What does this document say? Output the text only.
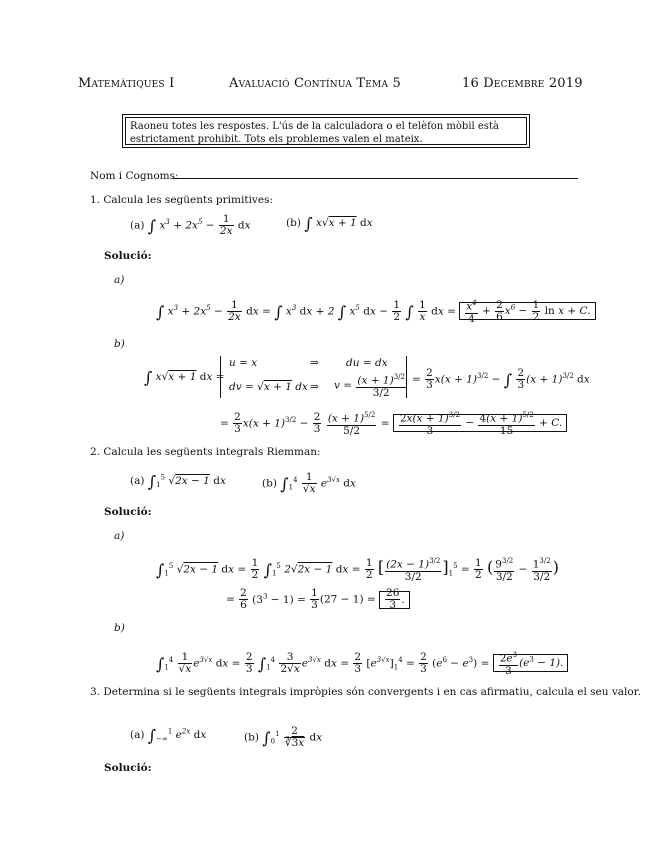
Matemàtiques I	Avaluació Contínua Tema 5	16 Decembre 2019
Raoneu totes les respostes. L'ús de la calculadora o el telèfon mòbil està estrictament prohibit. Tots els problemes valen el mateix.
Nom i Cognoms:
1. Calcula les següents primitives:
(a) ∫ $x^3 + 2x^5 - \frac{1}{2x}$ dx	(b) ∫ x√x + 1 dx
Solució:
a)
∫ $x^3 + 2x^5 - \frac{1}{2x}$ dx = ∫ $x^3$ dx + 2 ∫ $x^5$ dx − $\frac{1}{2}$ ∫ $\frac{1}{x}$ dx = $\frac{x^4}{4} + \frac{2}{6} x^6 - \frac{1}{2}$ ln x + C.
b)
∫ x√x + 1 dx =
u = x	⇒	du = dx
dv = √x + 1 dx ⇒ $v = \frac{(x + 1)^{3/2}}{3/2} = \frac{2}{3} x(x + 1)^{3/2}$ − ∫ $\frac{2}{3} (x + 1)^{3/2}$ dx
= $\frac{2}{3} x(x + 1)^{3/2} - \frac{2}{3}$
$\frac{(x + 1)^{5/2}}{5/2} = \frac{2x(x + 1)^{3/2}}{3} - \frac{4(x + 1)^{5/2}}{15} + C$.
2. Calcula les següents integrals Riemman:
(a) $\int_1^5$ √2x − 1 dx	(b) $\int_1^4 \frac{1}{√x} e^{3√x}$ dx
Solució:
a)
$\int_1^5$ √2x − 1 dx = $\frac{1}{2} \int_1^5$ 2√2x − 1 dx = $\frac{1}{2}$ [ $\frac{(2x - 1)^{3/2}}{3/2} ]_1^5 = \frac{1}{2}$ ( $\frac{9^{3/2}}{3/2} - \frac{1^{3/2}}{3/2}$ )
= $\frac{2}{6} (3^3 - 1) = \frac{1}{3} (27 - 1) = \frac{26}{3}$ .
b)
$\int_1^4 \frac{1}{√x} e^{3√x}$ dx = $\frac{2}{3} \int_1^4 \frac{3}{2√x} e^{3√x}$ dx = $\frac{2}{3} [e^{3√x}]_1^4 = \frac{2}{3} (e^6 - e^3) = \frac{2e^3}{3} (e^3 - 1)$.
3. Determina si le següents integrals impròpies són convergents i en cas afirmatiu, calcula el seu valor.
(a) $\int_{-\infty}^1$ $e^{2x}$ dx	(b) $\int_0^1 \frac{2}{∛3x}$ dx
Solució:
